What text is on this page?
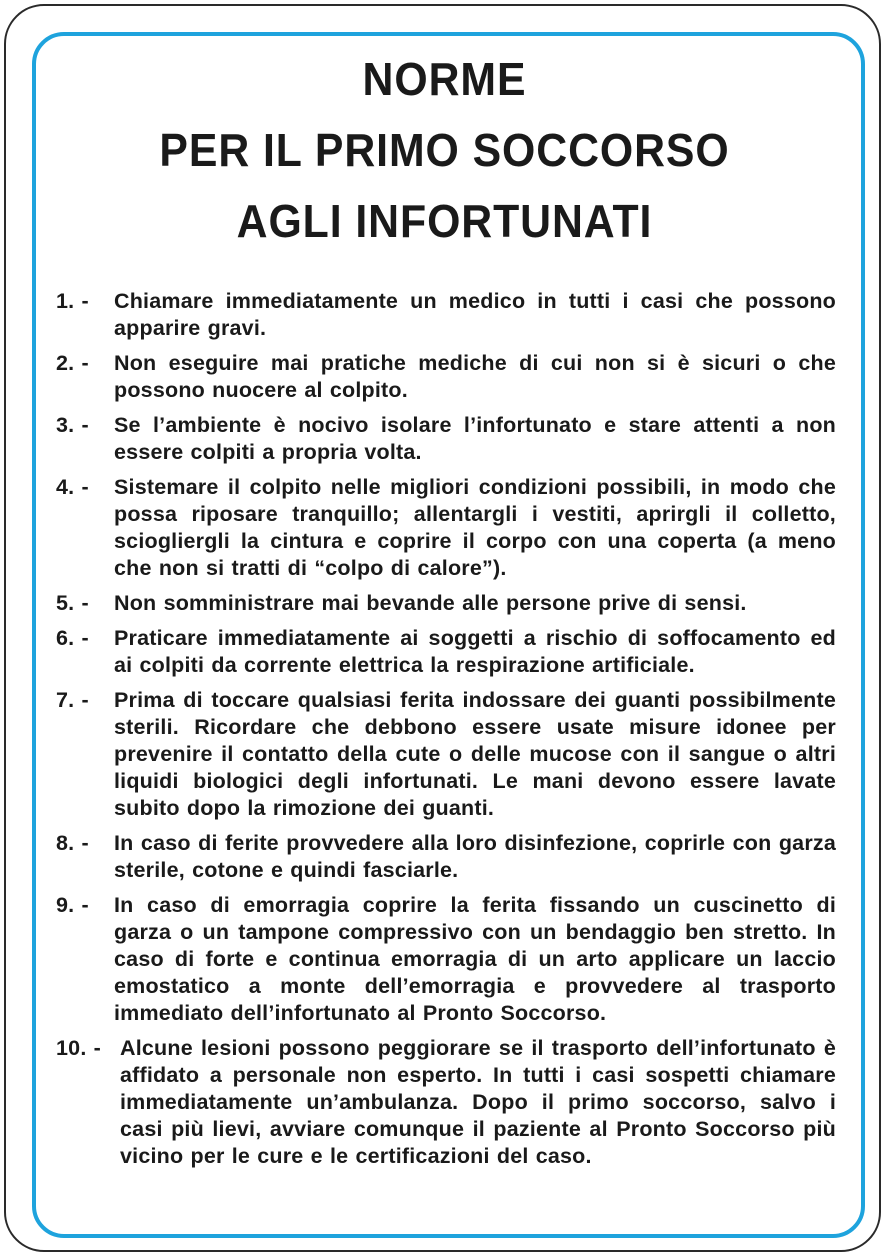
NORME
PER IL PRIMO SOCCORSO
AGLI INFORTUNATI
1. -	Chiamare immediatamente un medico in tutti i casi che possono apparire gravi.
2. -	Non eseguire mai pratiche mediche di cui non si è sicuri o che possono nuocere al colpito.
3. -	Se l’ambiente è nocivo isolare l’infortunato e stare attenti a non essere colpiti a propria volta.
4. -	Sistemare il colpito nelle migliori condizioni possibili, in modo che possa riposare tranquillo; allentargli i vestiti, aprirgli il colletto, sciogliergli la cintura e coprire il corpo con una coperta (a meno che non si tratti di “colpo di calore”).
5. -	Non somministrare mai bevande alle persone prive di sensi.
6. -	Praticare immediatamente ai soggetti a rischio di soffocamento ed ai colpiti da corrente elettrica la respirazione artificiale.
7. -	Prima di toccare qualsiasi ferita indossare dei guanti possibilmente sterili. Ricordare che debbono essere usate misure idonee per prevenire il contatto della cute o delle mucose con il sangue o altri liquidi biologici degli infortunati. Le mani devono essere lavate subito dopo la rimozione dei guanti.
8. -	In caso di ferite provvedere alla loro disinfezione, coprirle con garza sterile, cotone e quindi fasciarle.
9. -	In caso di emorragia coprire la ferita fissando un cuscinetto di garza o un tampone compressivo con un bendaggio ben stretto. In caso di forte e continua emorragia di un arto applicare un laccio emostatico a monte dell’emorragia e provvedere al trasporto immediato dell’infortunato al Pronto Soccorso.
10. - Alcune lesioni possono peggiorare se il trasporto dell’infortunato è affidato a personale non esperto. In tutti i casi sospetti chiamare immediatamente un’ambulanza. Dopo il primo soccorso, salvo i casi più lievi, avviare comunque il paziente al Pronto Soccorso più vicino per le cure e le certificazioni del caso.
